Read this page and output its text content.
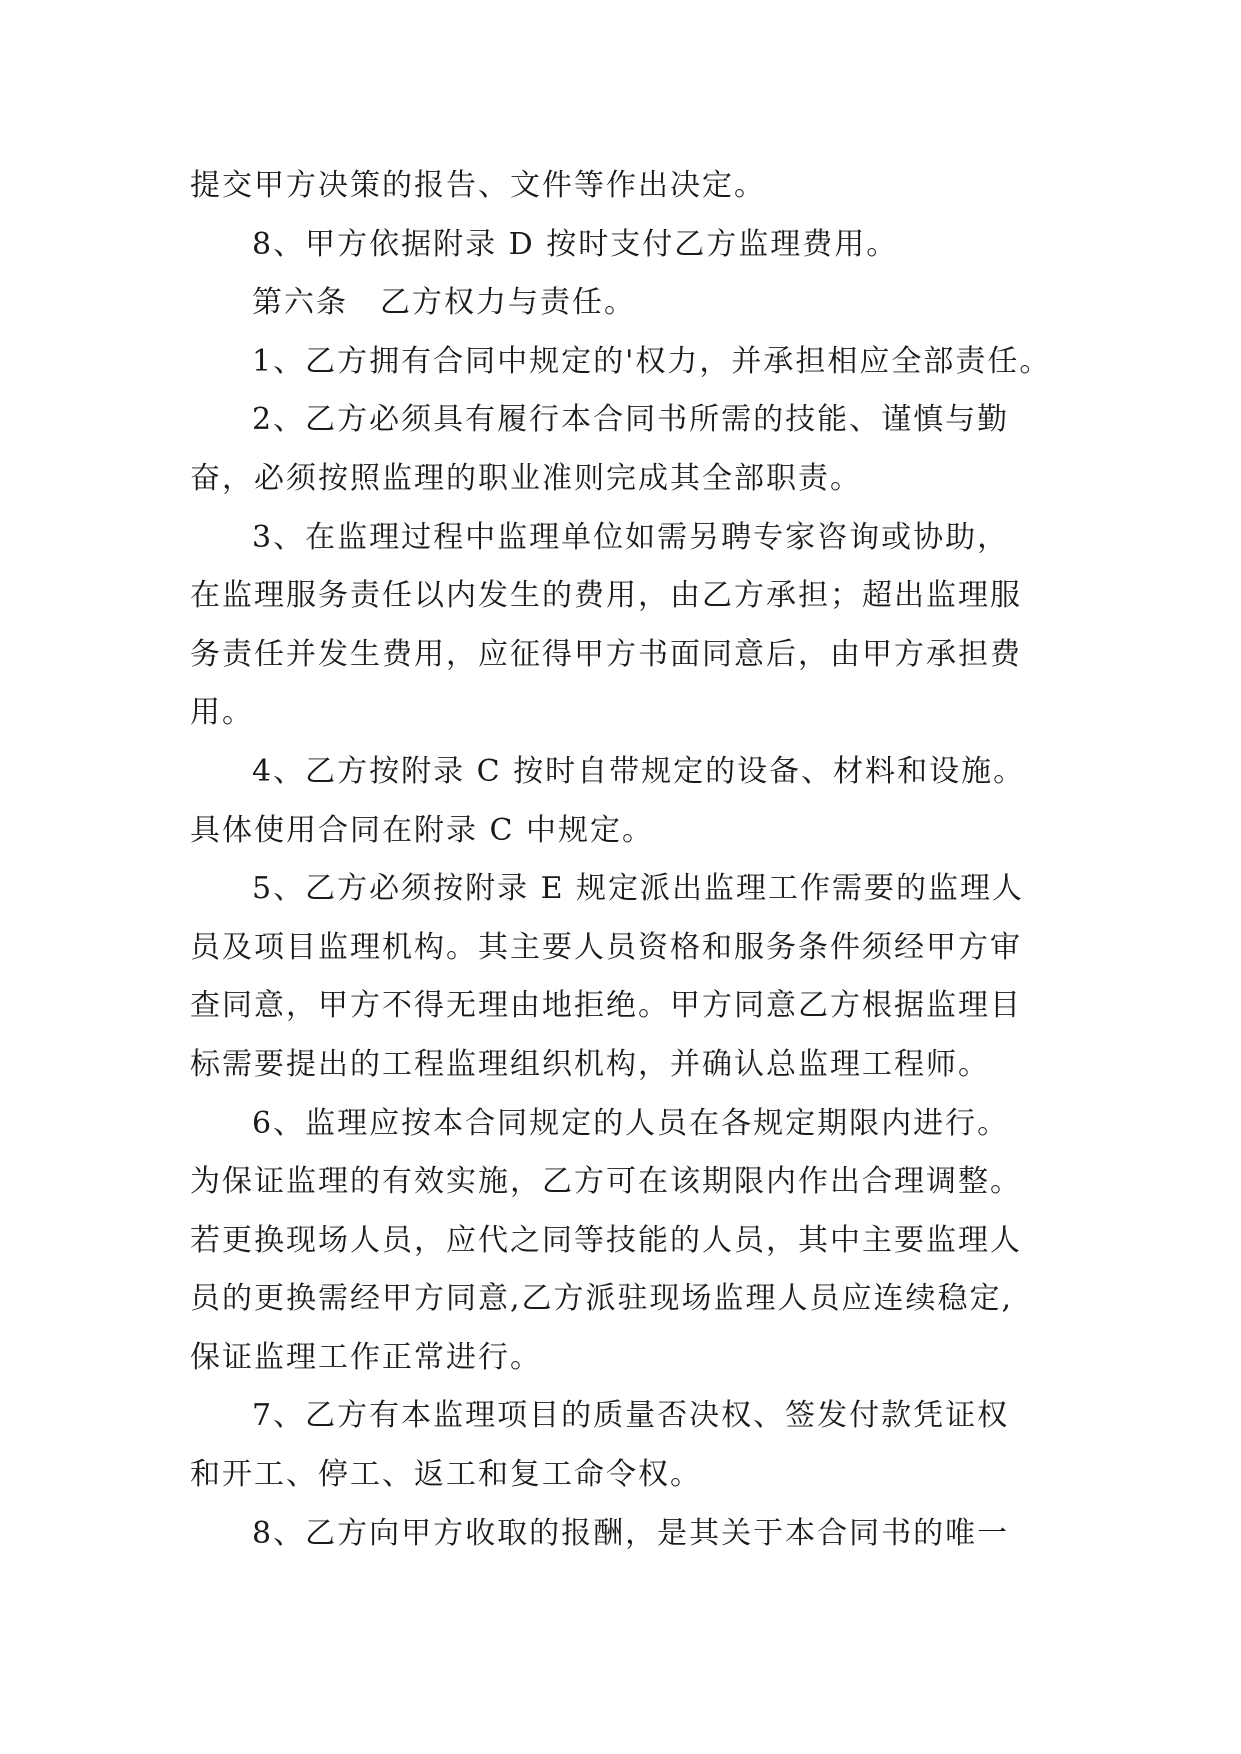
提交甲方决策的报告、文件等作出决定。
8、甲方依据附录 D 按时支付乙方监理费用。
第六条　乙方权力与责任。
1、乙方拥有合同中规定的'权力，并承担相应全部责任。
2、乙方必须具有履行本合同书所需的技能、谨慎与勤
奋，必须按照监理的职业准则完成其全部职责。
3、在监理过程中监理单位如需另聘专家咨询或协助，
在监理服务责任以内发生的费用，由乙方承担；超出监理服
务责任并发生费用，应征得甲方书面同意后，由甲方承担费
用。
4、乙方按附录 C 按时自带规定的设备、材料和设施。
具体使用合同在附录 C 中规定。
5、乙方必须按附录 E 规定派出监理工作需要的监理人
员及项目监理机构。其主要人员资格和服务条件须经甲方审
查同意，甲方不得无理由地拒绝。甲方同意乙方根据监理目
标需要提出的工程监理组织机构，并确认总监理工程师。
6、监理应按本合同规定的人员在各规定期限内进行。
为保证监理的有效实施，乙方可在该期限内作出合理调整。
若更换现场人员，应代之同等技能的人员，其中主要监理人
员的更换需经甲方同意,乙方派驻现场监理人员应连续稳定,
保证监理工作正常进行。
7、乙方有本监理项目的质量否决权、签发付款凭证权
和开工、停工、返工和复工命令权。
8、乙方向甲方收取的报酬，是其关于本合同书的唯一
